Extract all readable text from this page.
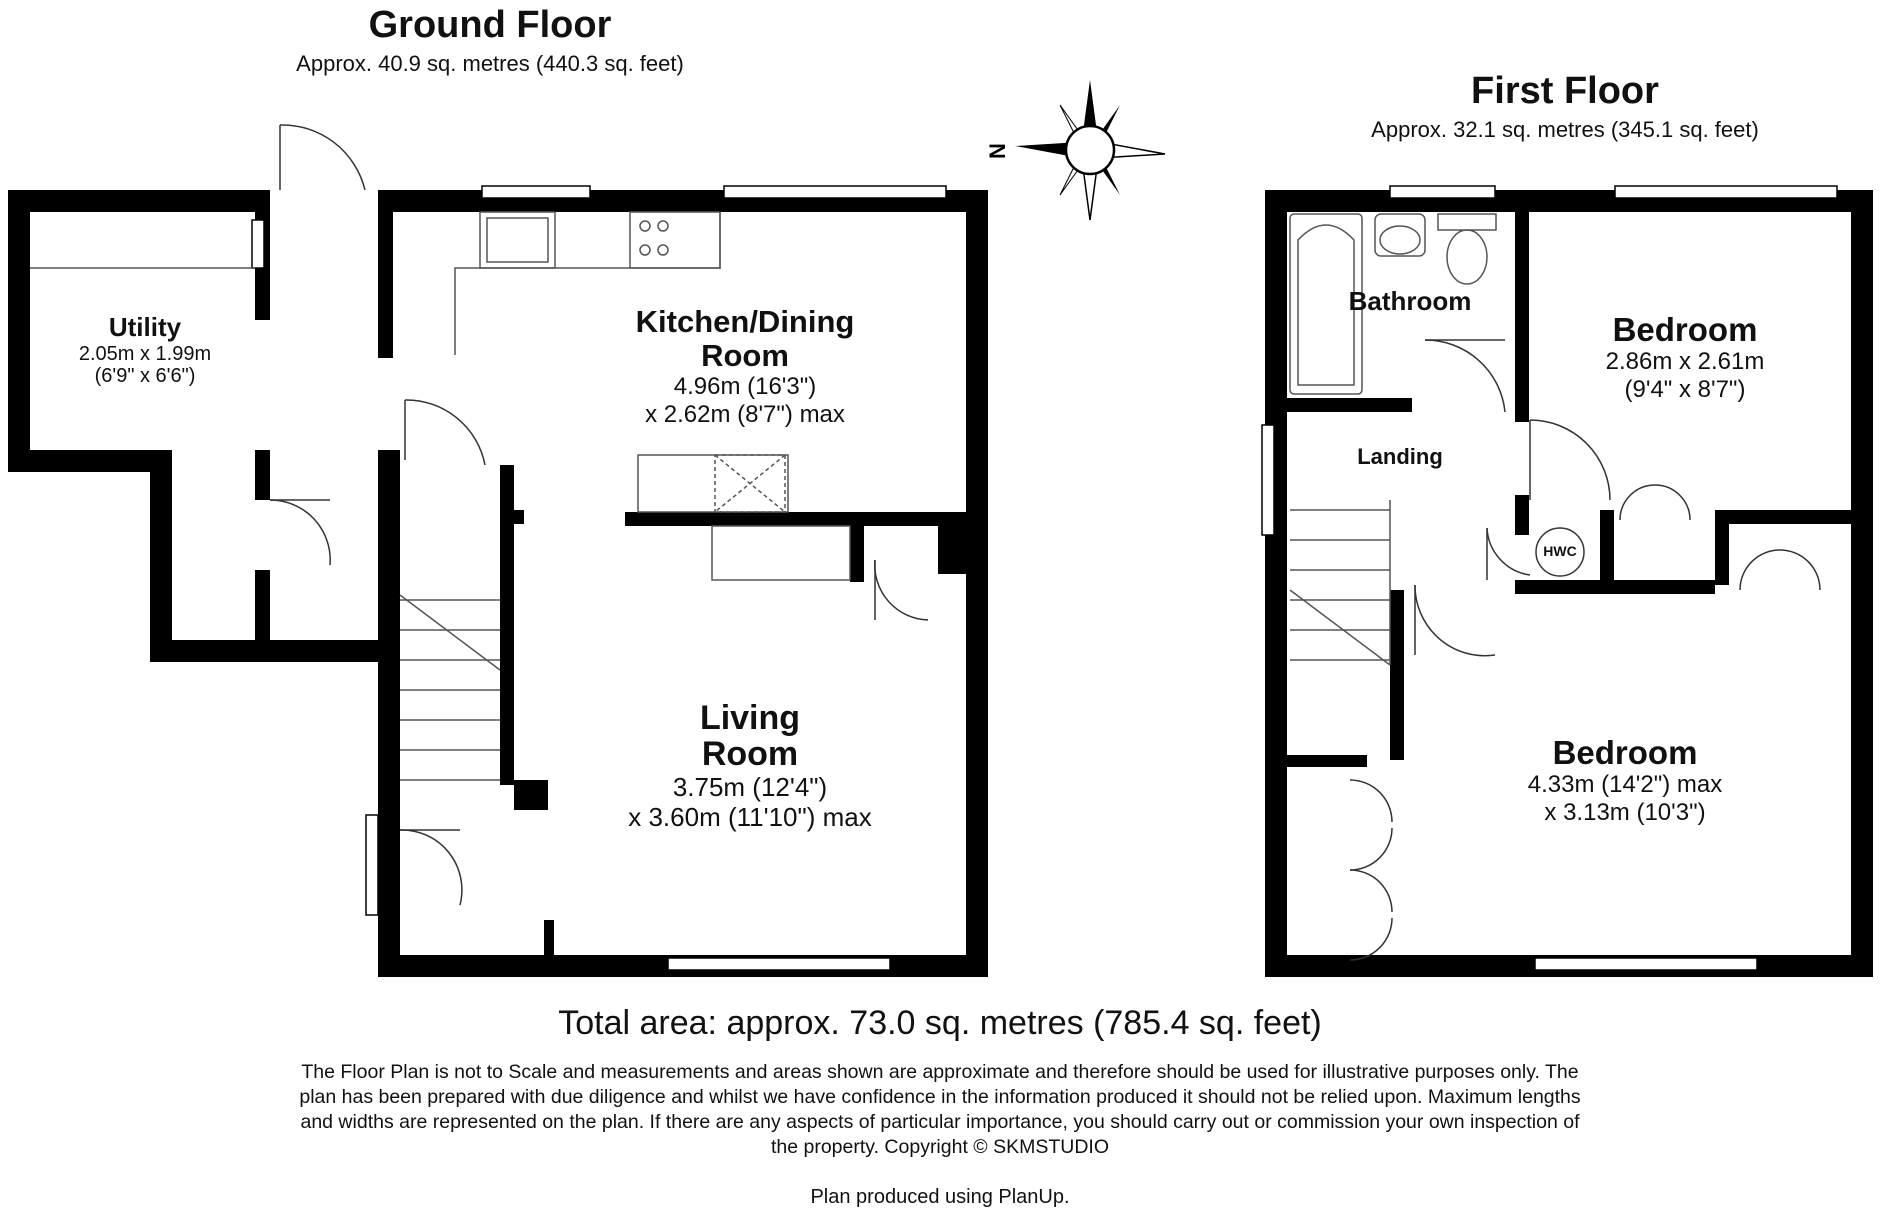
N
Ground Floor
Approx. 40.9 sq. metres (440.3 sq. feet)
First Floor
Approx. 32.1 sq. metres (345.1 sq. feet)
Utility
2.05m x 1.99m
(6'9" x 6'6")
Kitchen/Dining
Room
4.96m (16'3")
x 2.62m (8'7") max
Living
Room
3.75m (12'4")
x 3.60m (11'10") max
Bathroom
Landing
HWC
Bedroom
2.86m x 2.61m
(9'4" x 8'7")
Bedroom
4.33m (14'2") max
x 3.13m (10'3")
Total area: approx. 73.0 sq. metres (785.4 sq. feet)
The Floor Plan is not to Scale and measurements and areas shown are approximate and therefore should be used for illustrative purposes only. The plan has been prepared with due diligence and whilst we have confidence in the information produced it should not be relied upon. Maximum lengths and widths are represented on the plan. If there are any aspects of particular importance, you should carry out or commission your own inspection of the property. Copyright © SKMSTUDIO
Plan produced using PlanUp.
